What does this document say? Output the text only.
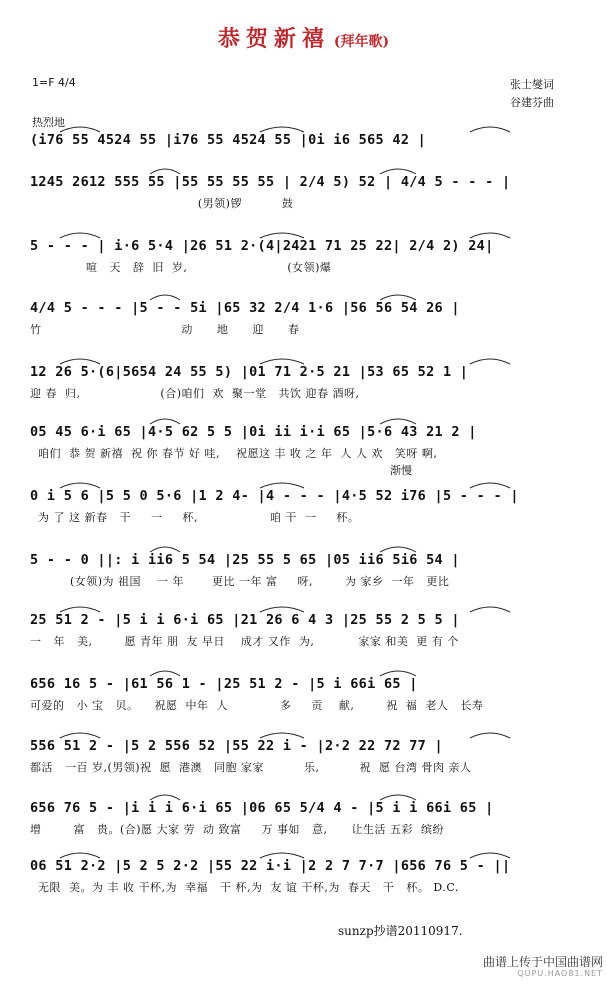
恭贺新禧 (拜年歌)
1=F 4/4	张士燮词
谷建芬曲
热烈地
(i76 55 4524 55 |i76 55 4524 55 |0i i6 565 42 |
1245 2612 555 55 |55 55 55 55 | 2/4 5) 52 | 4/4 5 - - - |
(男领)锣          鼓
5 - - - | i·6 5·4 |26 51 2·(4|2421 71 25 22| 2/4 2) 24|
喧   天   辞  旧  岁,                         (女领)爆
4/4 5 - - - |5 - - 5i |65 32 2/4 1·6 |56 56 54 26 |
竹                                   动      地      迎      春
12 26 5·(6|5654 24 55 5) |01 71 2·5 21 |53 65 52 1 |
迎 春  归,                    (合)咱们  欢  聚一堂   共饮 迎春 酒呀,
05 45 6·i 65 |4·5 62 5 5 |0i ii i·i 65 |5·6 43 21 2 |
咱们  恭 贺 新禧  祝 你 春节 好 哇,    祝愿这 丰 收 之 年  人 人 欢   笑呀 啊,
渐慢
0 i 5 6 |5 5 0 5·6 |1 2 4- |4 - - - |4·5 52 i76 |5 - - - |
为 了 这 新春   干     一     杯,                  咱 干  一     杯。
5 - - 0 ||: i ii6 5 54 |25 55 5 65 |05 ii6 5i6 54 |
(女领)为 祖国    一 年       更比 一年 富     呀,        为 家乡  一年   更比
25 51 2 - |5 i i 6·i 65 |21 26 6 4 3 |25 55 2 5 5 |
一   年   美,        愿 青年 朋  友 早日    成才 又作  为,           家家 和美  更 有 个
656 16 5 - |61 56 1 - |25 51 2 - |5 i 66i 65 |
可爱的   小 宝   贝。    祝愿  中年  人             多     贡    献,        祝  福  老人   长寿
556 51 2 - |5 2 556 52 |55 22 i - |2·2 22 72 77 |
都活   一百 岁,(男领)祝  愿  港澳   同胞 家家          乐,          祝  愿 台湾 骨肉 亲人
656 76 5 - |i i i 6·i 65 |06 65 5/4 4 - |5 i i 66i 65 |
增        富   贵。(合)愿 大家 劳  动 致富     万 事如   意,      让生活 五彩  缤纷
06 51 2·2 |5 2 5 2·2 |55 22 i·i |2 2 7 7·7 |656 76 5 - ||
无限  美。为 丰 收 干杯,为  幸福   干 杯,为  友 谊 干杯,为  春天   干   杯。 D.C.
sunzp抄谱20110917.
曲谱上传于中国曲谱网
QUPU.HAO81.NET
